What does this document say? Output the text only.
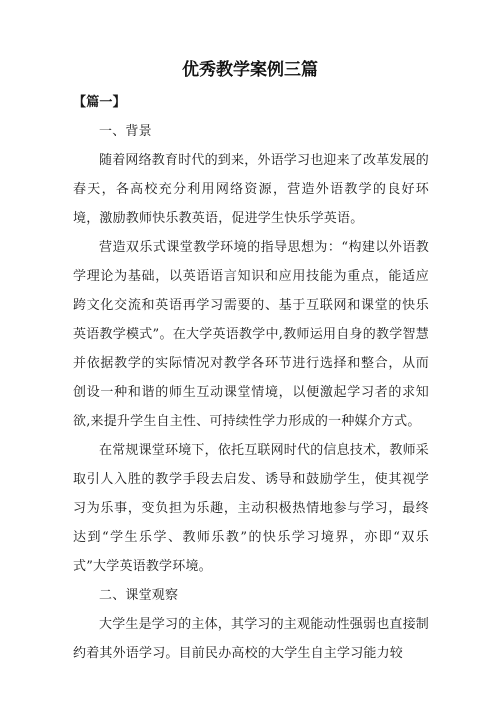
优秀教学案例三篇

【篇一】

一、背景

随着网络教育时代的到来，外语学习也迎来了改革发展的春天，各高校充分利用网络资源，营造外语教学的良好环境，激励教师快乐教英语，促进学生快乐学英语。

营造双乐式课堂教学环境的指导思想为：“构建以外语教学理论为基础，以英语语言知识和应用技能为重点，能适应跨文化交流和英语再学习需要的、基于互联网和课堂的快乐英语教学模式”。在大学英语教学中,教师运用自身的教学智慧并依据教学的实际情况对教学各环节进行选择和整合，从而创设一种和谐的师生互动课堂情境，以便激起学习者的求知欲,来提升学生自主性、可持续性学力形成的一种媒介方式。

在常规课堂环境下，依托互联网时代的信息技术，教师采取引人入胜的教学手段去启发、诱导和鼓励学生，使其视学习为乐事，变负担为乐趣，主动积极热情地参与学习，最终达到“学生乐学、教师乐教”的快乐学习境界，亦即“双乐式”大学英语教学环境。

二、课堂观察

大学生是学习的主体，其学习的主观能动性强弱也直接制约着其外语学习。目前民办高校的大学生自主学习能力较
